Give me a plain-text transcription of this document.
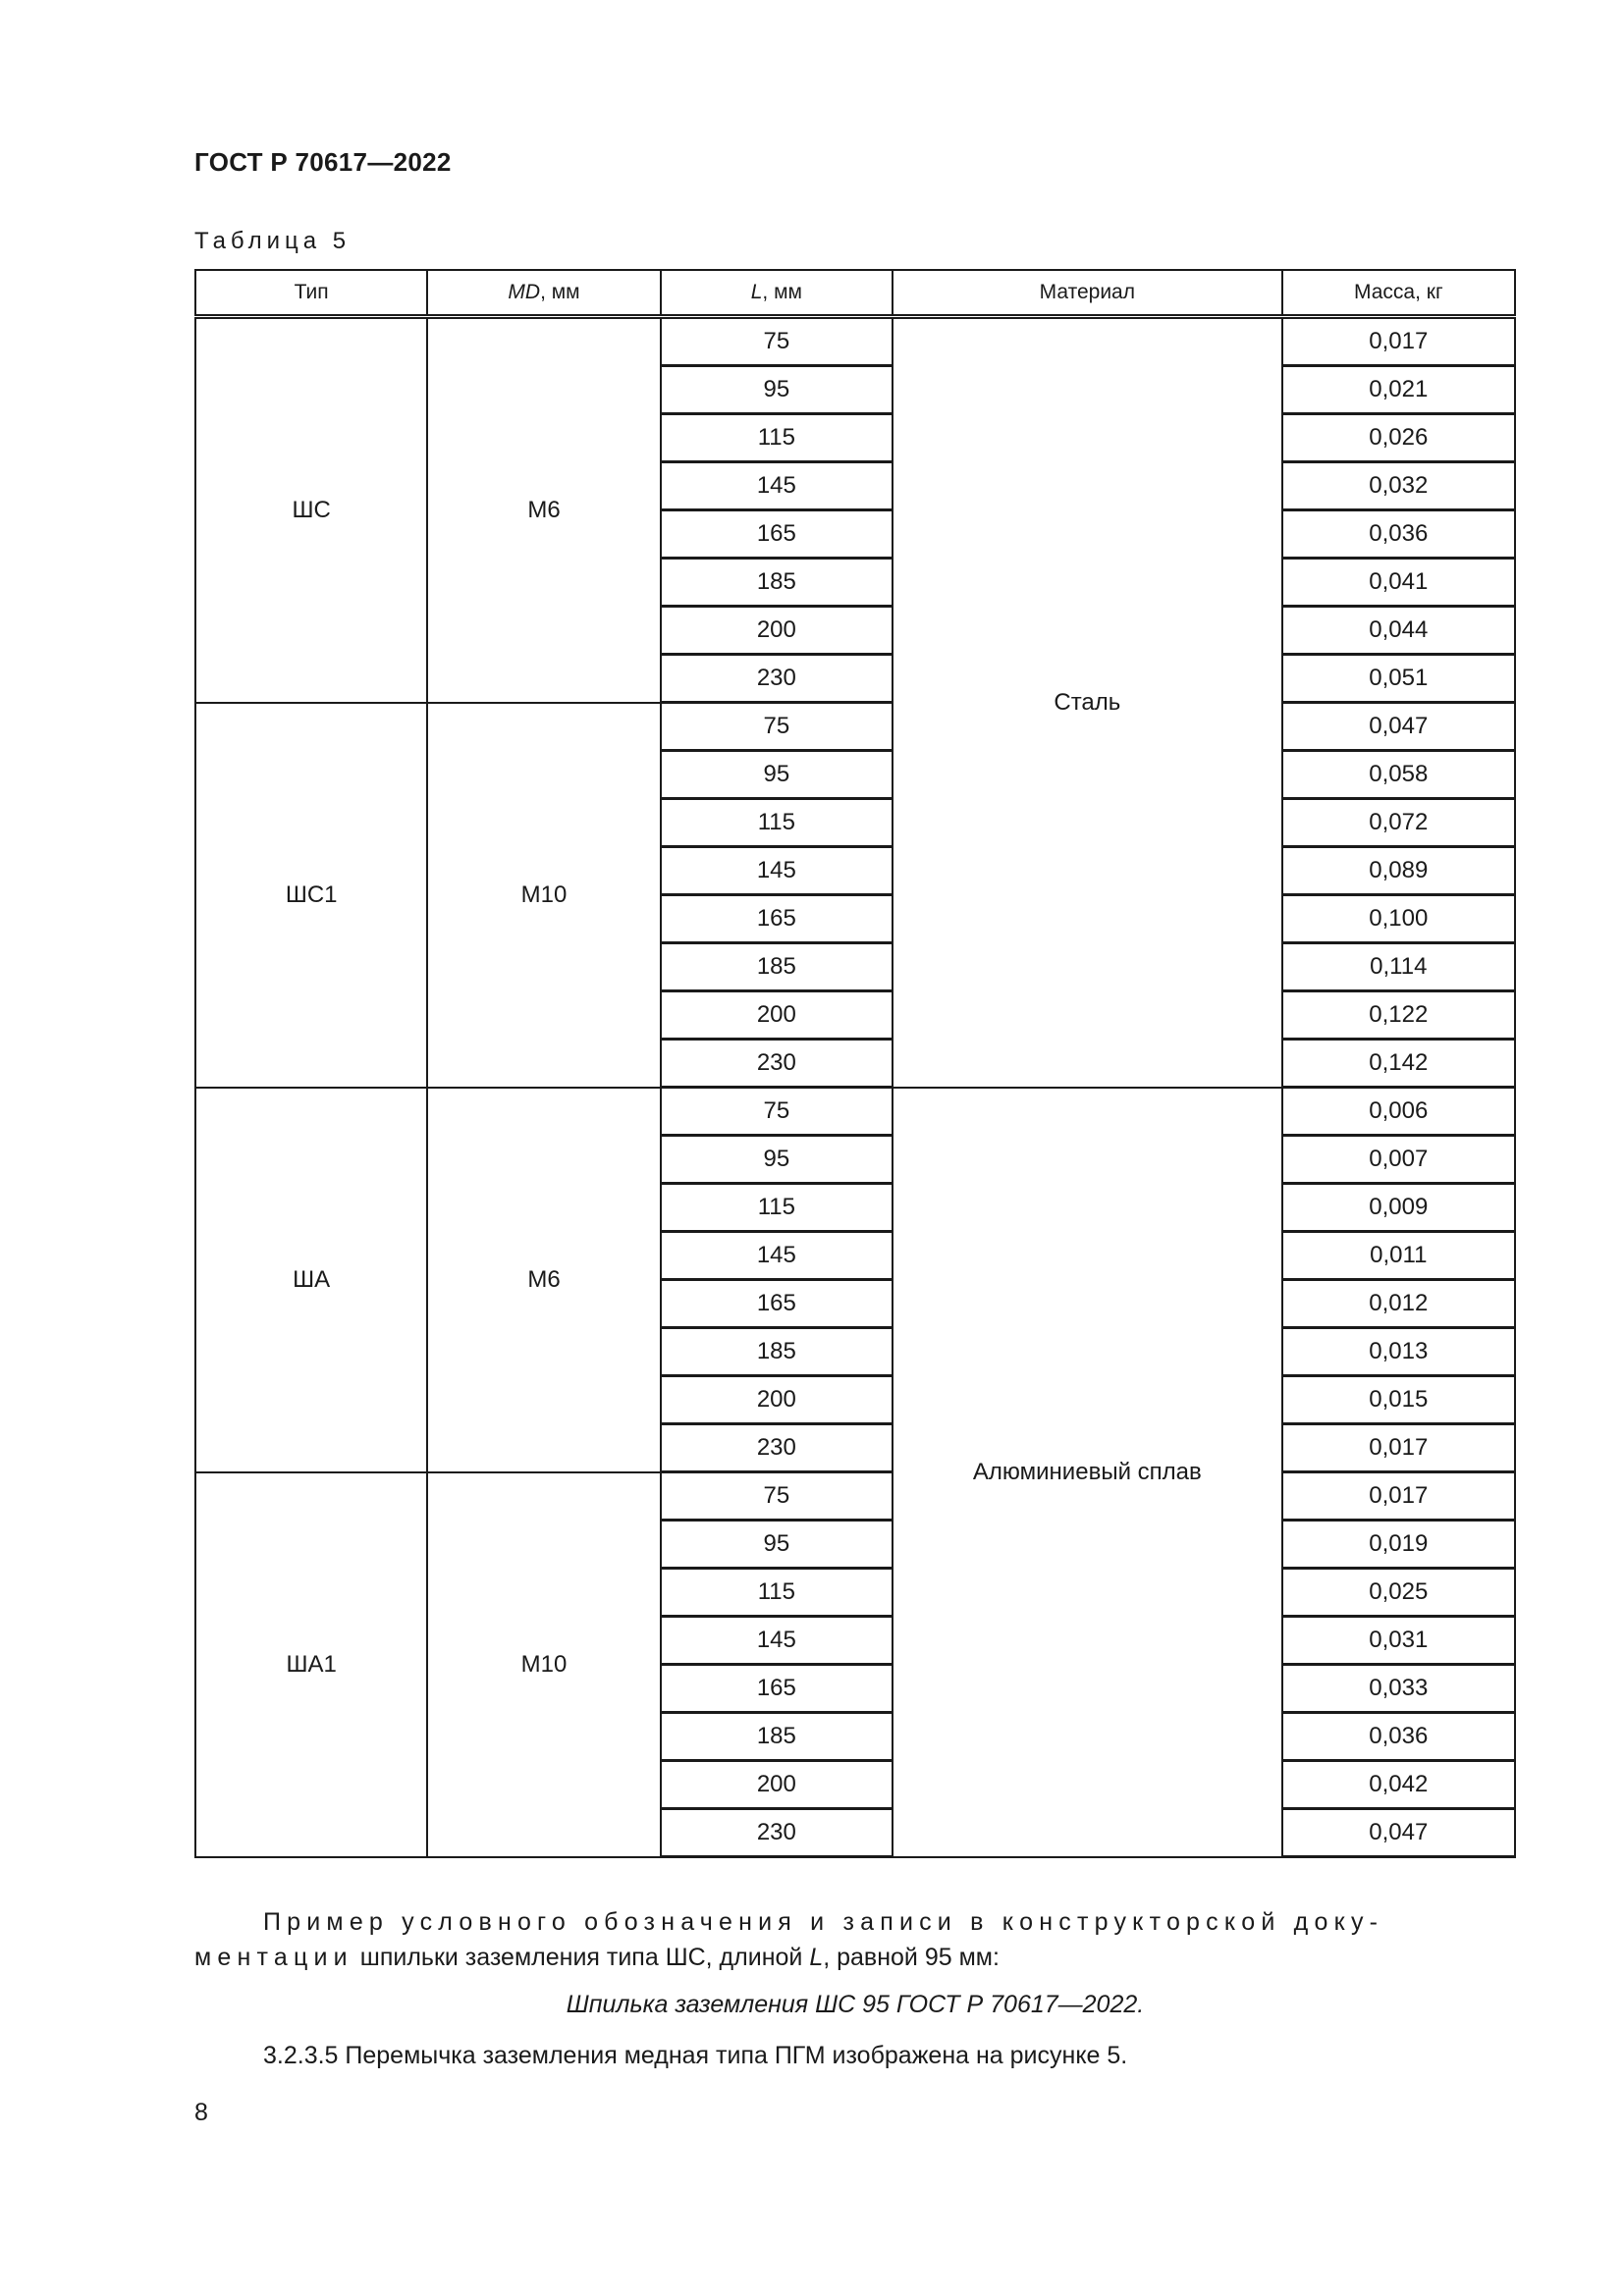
ГОСТ Р 70617—2022
Таблица 5
Тип	MD, мм	L, мм	Материал	Масса, кг
ШС	М6	75	Сталь	0,017
		95		0,021
		115		0,026
		145		0,032
		165		0,036
		185		0,041
		200		0,044
		230		0,051
ШС1	М10	75		0,047
		95		0,058
		115		0,072
		145		0,089
		165		0,100
		185		0,114
		200		0,122
		230		0,142
ША	М6	75	Алюминиевый сплав	0,006
		95		0,007
		115		0,009
		145		0,011
		165		0,012
		185		0,013
		200		0,015
		230		0,017
ША1	М10	75		0,017
		95		0,019
		115		0,025
		145		0,031
		165		0,033
		185		0,036
		200		0,042
		230		0,047
Пример условного обозначения и записи в конструкторской доку-
ментации шпильки заземления типа ШС, длиной L, равной 95 мм:
Шпилька заземления ШС 95 ГОСТ Р 70617—2022.
3.2.3.5 Перемычка заземления медная типа ПГМ изображена на рисунке 5.
8
